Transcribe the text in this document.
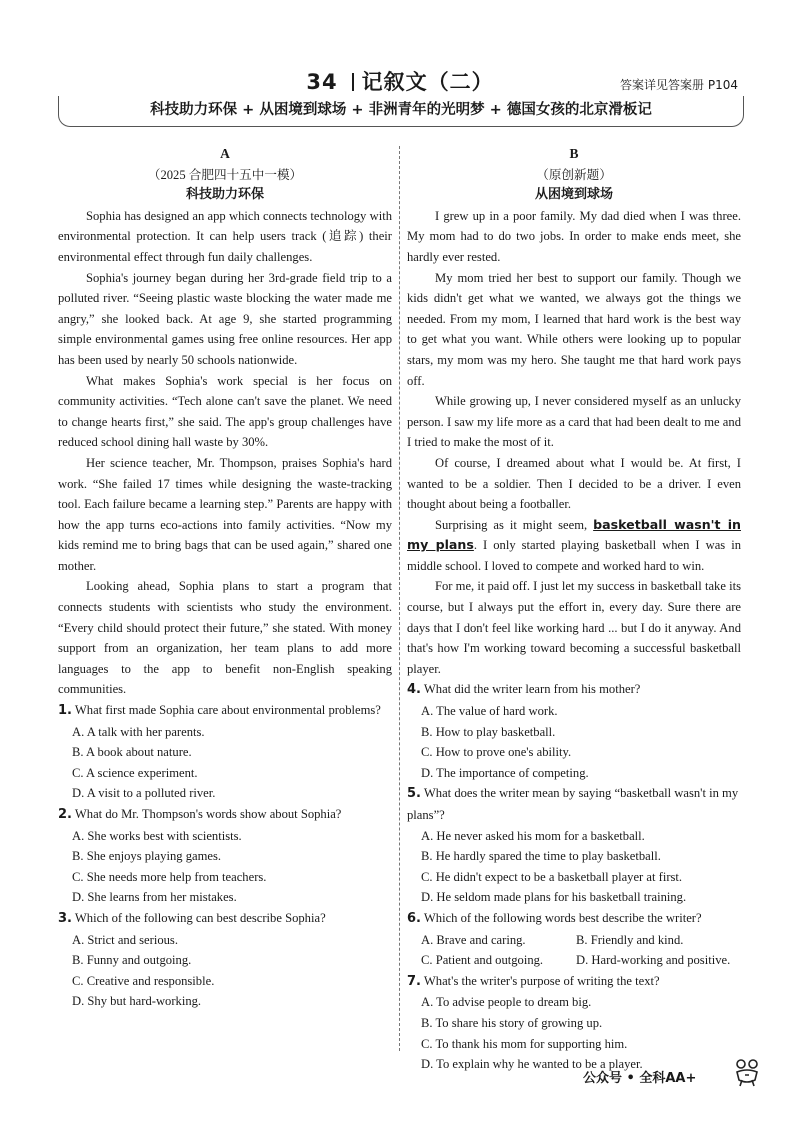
34 记叙文（二）	答案详见答案册 P104
科技助力环保 + 从困境到球场 + 非洲青年的光明梦 + 德国女孩的北京滑板记
A
（2025 合肥四十五中一模）
科技助力环保

Sophia has designed an app which connects technology with environmental protection. It can help users track (追踪) their environmental effect through fun daily challenges.

Sophia's journey began during her 3rd-grade field trip to a polluted river. “Seeing plastic waste blocking the water made me angry,” she looked back. At age 9, she started programming simple environmental games using free online resources. Her app has been used by nearly 50 schools nationwide.

What makes Sophia's work special is her focus on community activities. “Tech alone can't save the planet. We need to change hearts first,” she said. The app's group challenges have reduced school dining hall waste by 30%.

Her science teacher, Mr. Thompson, praises Sophia's hard work. “She failed 17 times while designing the waste-tracking tool. Each failure became a learning step.” Parents are happy with how the app turns eco-actions into family activities. “Now my kids remind me to bring bags that can be used again,” shared one mother.

Looking ahead, Sophia plans to start a program that connects students with scientists who study the environment. “Every child should protect their future,” she stated. With money support from an organization, her team plans to add more languages to the app to benefit non-English speaking communities.

1. What first made Sophia care about environmental problems?
A. A talk with her parents.
B. A book about nature.
C. A science experiment.
D. A visit to a polluted river.
2. What do Mr. Thompson's words show about Sophia?
A. She works best with scientists.
B. She enjoys playing games.
C. She needs more help from teachers.
D. She learns from her mistakes.
3. Which of the following can best describe Sophia?
A. Strict and serious.
B. Funny and outgoing.
C. Creative and responsible.
D. Shy but hard-working.
B
（原创新题）
从困境到球场

I grew up in a poor family. My dad died when I was three. My mom had to do two jobs. In order to make ends meet, she hardly ever rested.

My mom tried her best to support our family. Though we kids didn't get what we wanted, we always got the things we needed. From my mom, I learned that hard work is the best way to get what you want. While others were looking up to popular stars, my mom was my hero. She taught me that hard work pays off.

While growing up, I never considered myself as an unlucky person. I saw my life more as a card that had been dealt to me and I tried to make the most of it.

Of course, I dreamed about what I would be. At first, I wanted to be a soldier. Then I decided to be a driver. I even thought about being a footballer.

Surprising as it might seem, basketball wasn't in my plans. I only started playing basketball when I was in middle school. I loved to compete and worked hard to win.

For me, it paid off. I just let my success in basketball take its course, but I always put the effort in, every day. Sure there are days that I don't feel like working hard ... but I do it anyway. And that's how I'm working toward becoming a successful basketball player.

4. What did the writer learn from his mother?
A. The value of hard work.
B. How to play basketball.
C. How to prove one's ability.
D. The importance of competing.
5. What does the writer mean by saying “basketball wasn't in my plans”?
A. He never asked his mom for a basketball.
B. He hardly spared the time to play basketball.
C. He didn't expect to be a basketball player at first.
D. He seldom made plans for his basketball training.
6. Which of the following words best describe the writer?
A. Brave and caring.	B. Friendly and kind.
C. Patient and outgoing.	D. Hard-working and positive.
7. What's the writer's purpose of writing the text?
A. To advise people to dream big.
B. To share his story of growing up.
C. To thank his mom for supporting him.
D. To explain why he wanted to be a player.
公众号 • 全科AA+
